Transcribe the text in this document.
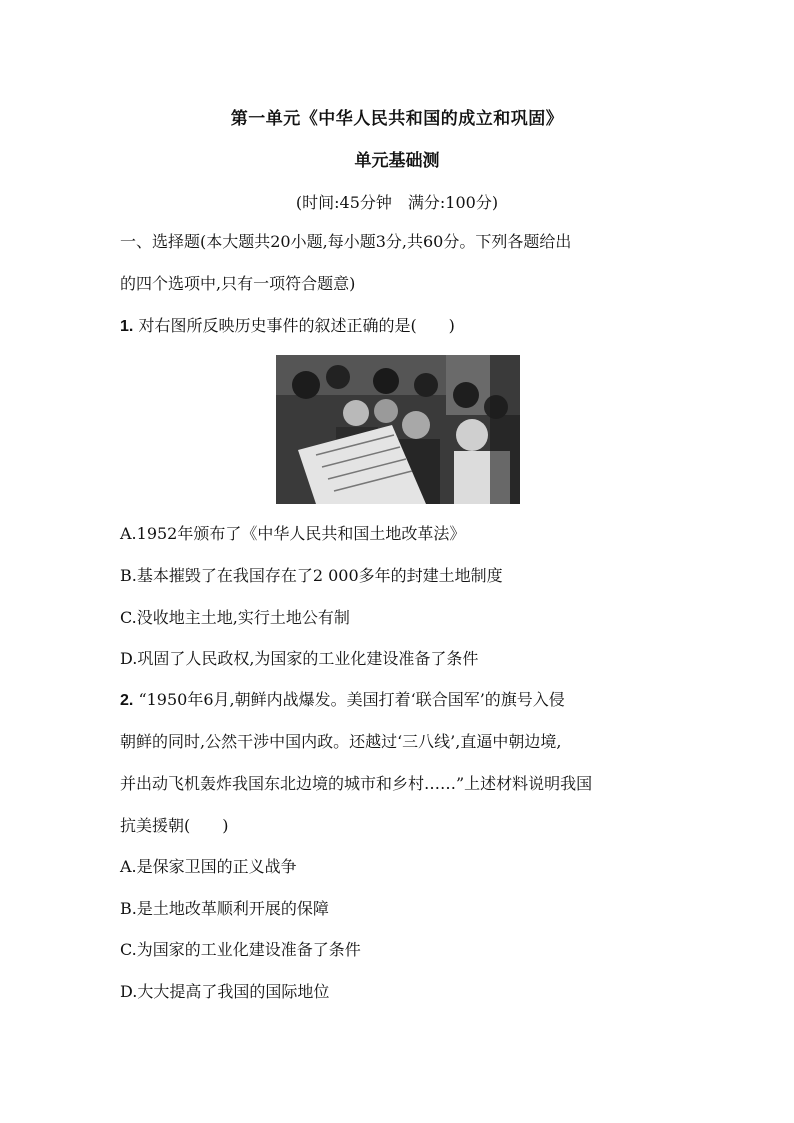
第一单元《中华人民共和国的成立和巩固》
单元基础测
(时间:45分钟　满分:100分)
一、选择题(本大题共20小题,每小题3分,共60分。下列各题给出
的四个选项中,只有一项符合题意)
1. 对右图所反映历史事件的叙述正确的是(　　)
A.1952年颁布了《中华人民共和国土地改革法》
B.基本摧毁了在我国存在了2 000多年的封建土地制度
C.没收地主土地,实行土地公有制
D.巩固了人民政权,为国家的工业化建设准备了条件
2. “1950年6月,朝鲜内战爆发。美国打着‘联合国军’的旗号入侵
朝鲜的同时,公然干涉中国内政。还越过‘三八线’,直逼中朝边境,
并出动飞机轰炸我国东北边境的城市和乡村……”上述材料说明我国
抗美援朝(　　)
A.是保家卫国的正义战争
B.是土地改革顺利开展的保障
C.为国家的工业化建设准备了条件
D.大大提高了我国的国际地位
